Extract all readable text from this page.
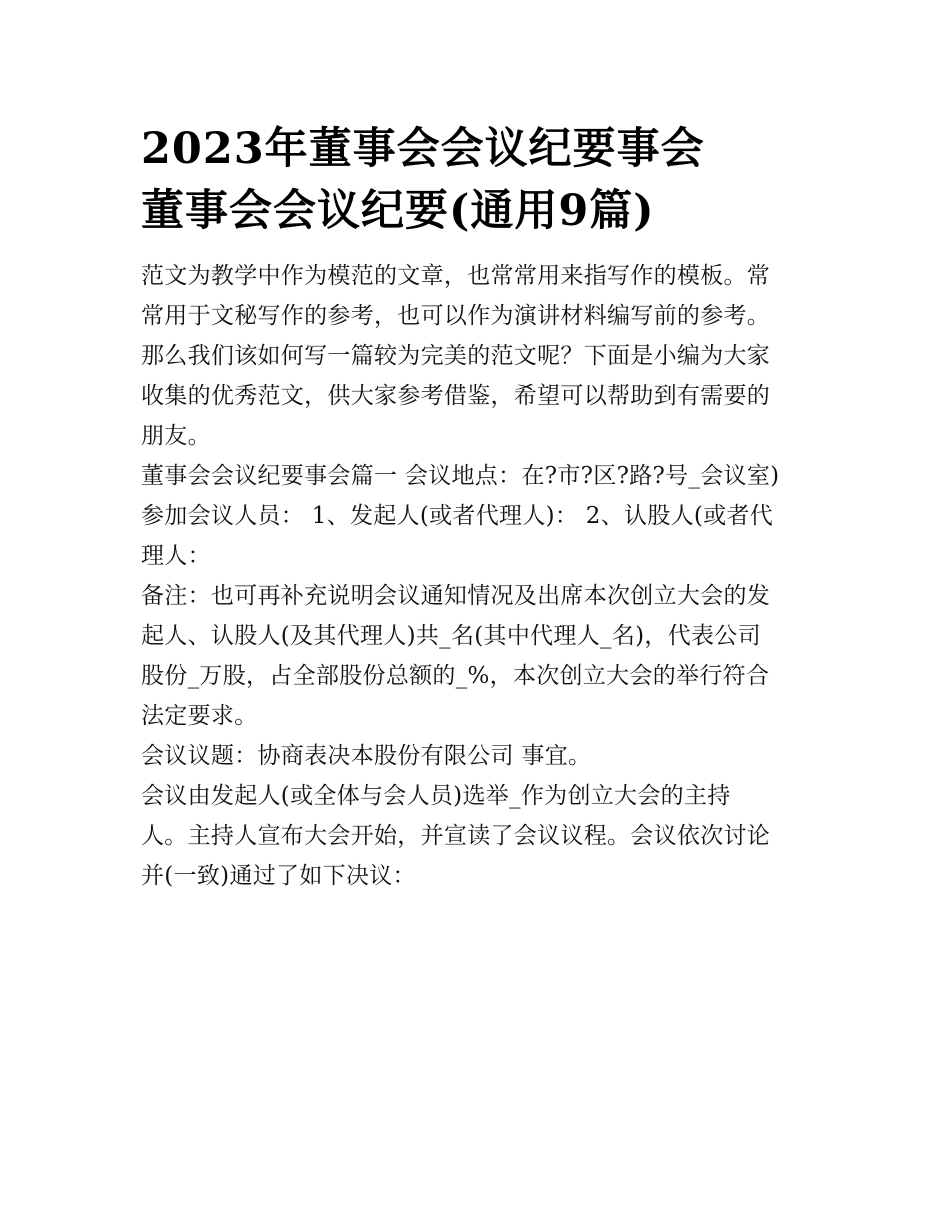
2023年董事会会议纪要事会
董事会会议纪要(通用9篇)
范文为教学中作为模范的文章，也常常用来指写作的模板。常
常用于文秘写作的参考，也可以作为演讲材料编写前的参考。
那么我们该如何写一篇较为完美的范文呢？下面是小编为大家
收集的优秀范文，供大家参考借鉴，希望可以帮助到有需要的
朋友。
董事会会议纪要事会篇一 会议地点：在?市?区?路?号_会议室)
参加会议人员： 1、发起人(或者代理人)： 2、认股人(或者代
理人：
备注：也可再补充说明会议通知情况及出席本次创立大会的发
起人、认股人(及其代理人)共_名(其中代理人_名)，代表公司
股份_万股，占全部股份总额的_%，本次创立大会的举行符合
法定要求。
会议议题：协商表决本股份有限公司 事宜。
会议由发起人(或全体与会人员)选举_作为创立大会的主持
人。主持人宣布大会开始，并宣读了会议议程。会议依次讨论
并(一致)通过了如下决议：
